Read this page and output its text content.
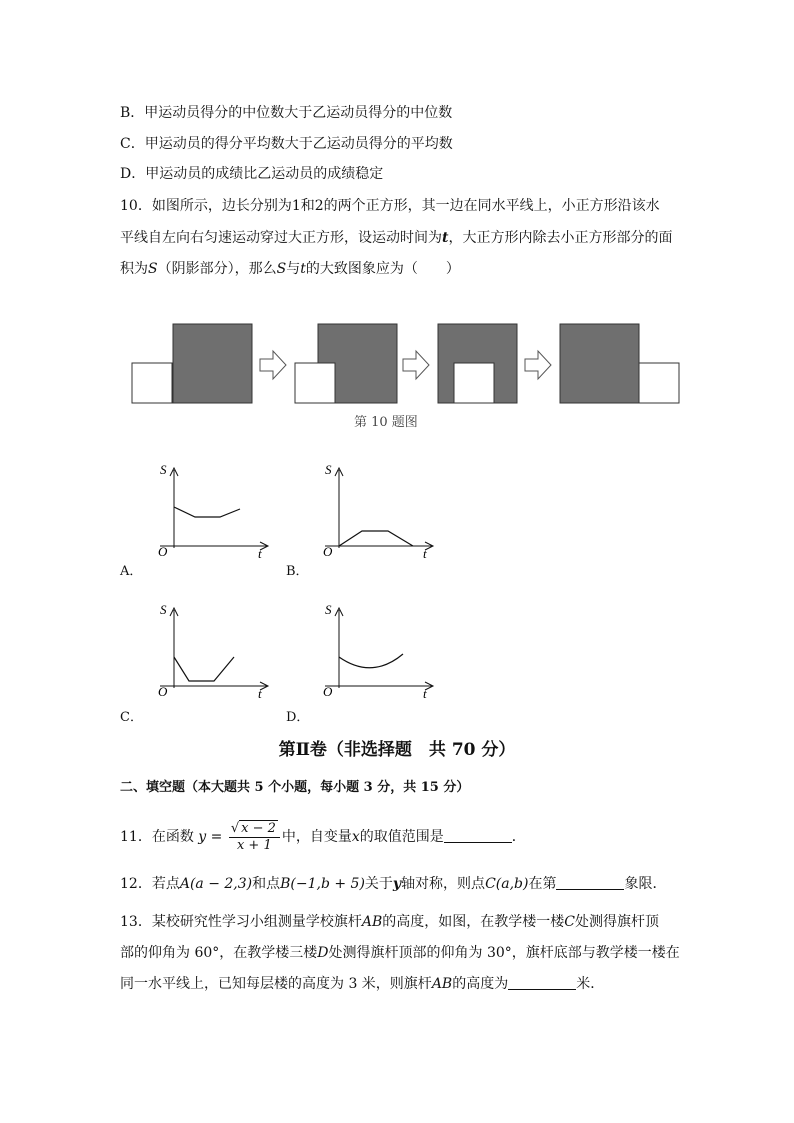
B．甲运动员得分的中位数大于乙运动员得分的中位数
C．甲运动员的得分平均数大于乙运动员得分的平均数
D．甲运动员的成绩比乙运动员的成绩稳定
10．如图所示，边长分别为1和2的两个正方形，其一边在同水平线上，小正方形沿该水
平线自左向右匀速运动穿过大正方形，设运动时间为t，大正方形内除去小正方形部分的面
积为S（阴影部分），那么S与t的大致图象应为（　　）
第 10 题图
S
O	t
A．
S
O	t
B．
S
O	t
C．
S
O	t
D．
第Ⅱ卷（非选择题　共 70 分）
二、填空题（本大题共 5 个小题，每小题 3 分，共 15 分）
11．在函数 $y = \frac{√ x - 2}{x + 1}$ 中，自变量x的取值范围是	．
12．若点A(a − 2,3)和点B(−1,b + 5)关于y轴对称，则点C(a,b)在第	象限．
13．某校研究性学习小组测量学校旗杆AB的高度，如图，在教学楼一楼C处测得旗杆顶
部的仰角为 60°，在教学楼三楼D处测得旗杆顶部的仰角为 30°，旗杆底部与教学楼一楼在
同一水平线上，已知每层楼的高度为 3 米，则旗杆AB的高度为	米．
